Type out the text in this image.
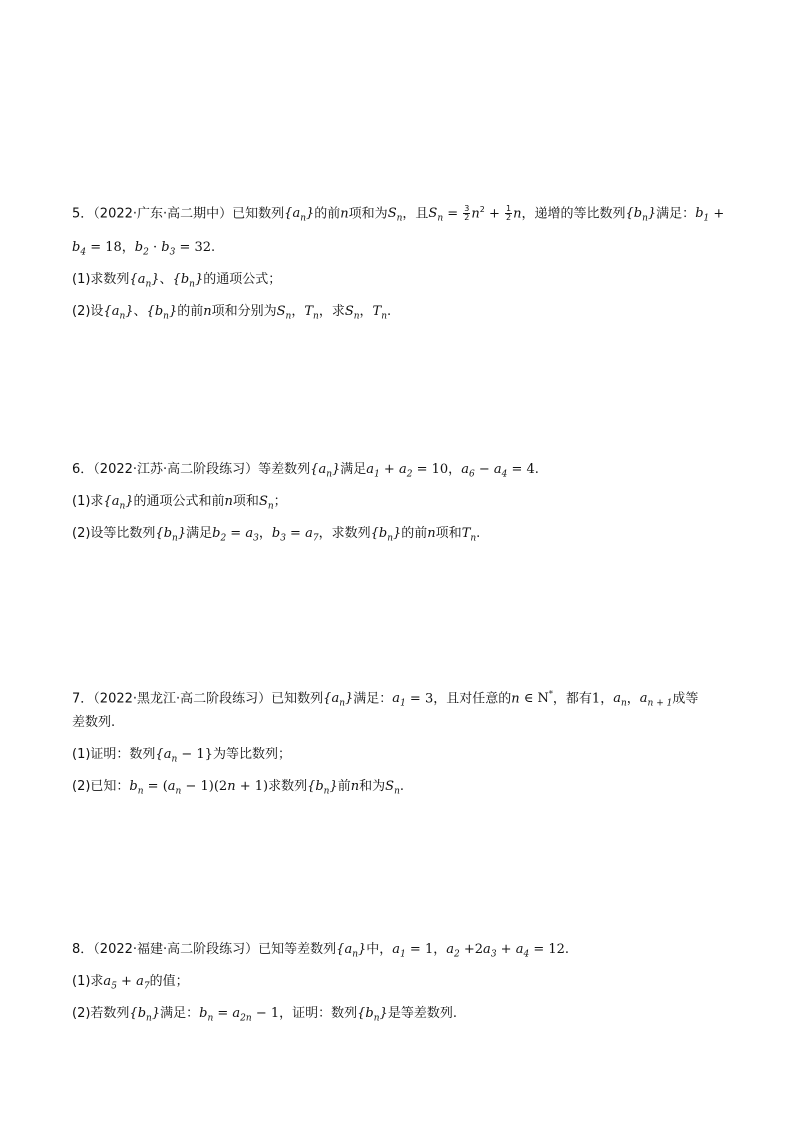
5．（2022·广东·高二期中）已知数列$\{a_n\}$的前n项和为$S_n$，且$S_n = \frac{3}{2} n^2 + \frac{1}{2}$ n，递增的等比数列$\{b_n\}$满足：$b_1$ +
$b_4 = 18$，$b_2 \cdot b_3 = 32$.
(1)求数列$\{a_n\}$、$\{b_n\}$的通项公式；
(2)设$\{a_n\}$、$\{b_n\}$的前n项和分别为$S_n$，$T_n$，求$S_n$，$T_n$.
6．（2022·江苏·高二阶段练习）等差数列$\{a_n\}$满足$a_1 + a_2 = 10$，$a_6 - a_4 = 4$.
(1)求$\{a_n\}$的通项公式和前n项和$S_n$；
(2)设等比数列$\{b_n\}$满足$b_2 = a_3$，$b_3 = a_7$，求数列$\{b_n\}$的前n项和$T_n$.
7．（2022·黑龙江·高二阶段练习）已知数列$\{a_n\}$满足：$a_1 = 3$，且对任意的n ∈ N*，都有1，$a_n$，$a_{n + 1}$成等
差数列.
(1)证明：数列$\{a_n - 1\}$为等比数列；
(2)已知：$b_n = (a_n - 1)(2n + 1)$求数列$\{b_n\}$前n和为$S_n$.
8．（2022·福建·高二阶段练习）已知等差数列$\{a_n\}$中，$a_1 = 1$，$a_2 +2a_3 + a_4 = 12$.
(1)求$a_5 + a_7$的值；
(2)若数列$\{b_n\}$满足：$b_n = a_{2n} - 1$，证明：数列$\{b_n\}$是等差数列.
